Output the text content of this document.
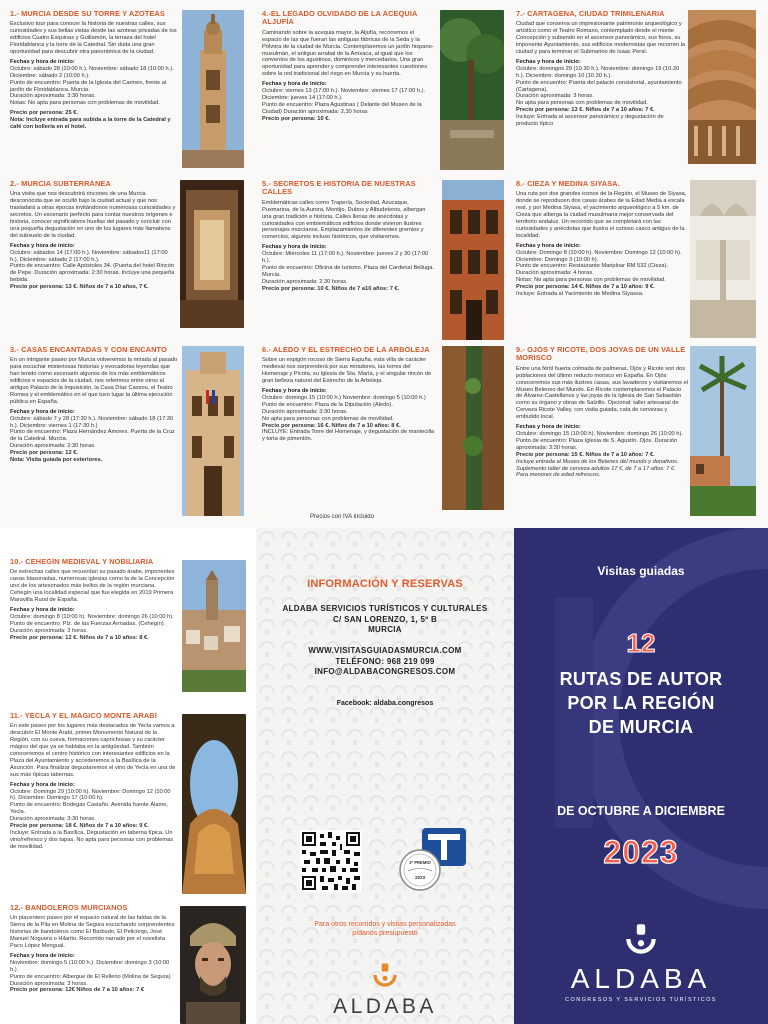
1.- MURCIA DESDE SU TORRE Y AZOTEAS

Exclusivo tour para conocer la historia de nuestras calles, sus curiosidades y sus bellas vistas desde las azoteas privadas de los edificios Cuatro Esquinas y Guillamón, la terraza del hotel Floridablanca y la torre de la Catedral. Sin duda una gran oportunidad para descubrir otra panorámica de la ciudad.

Fechas y hora de inicio:

Octubre: sábado 28 (10:00 h.). Noviembre: sábado 18 (10:00 h.). Diciembre: sábado 2 (10:00 h.).

Punto de encuentro: Puerta de la Iglesia del Carmen, frente al jardín de Floridablanca. Murcia.

Duración aproximada: 3:30 horas.

Notas: No apta para personas con problemas de movilidad.

Precio por persona: 25 €.

Nota: Incluye entrada para subida a la torre de la Catedral y café con bollería en el hotel.

2.- MURCIA SUBTERRÁNEA

Una visita que nos descubrirá rincones de una Murcia desconocida que se ocultó bajo la ciudad actual y que nos trasladará a otras épocas invitándonos numerosas curiosidades y secretos. Un escenario perfecto para contar nuestros orígenes e historia, conocer significativos huellas del pasado y concluir con una pequeña degustación en uno de los lugares más llamativos del subsuelo de la ciudad.

Fechas y hora de inicio:

Octubre: sábados 14 (17:00 h.). Noviembre: sábados11 (17:00 h.). Diciembre: sábado 2 (17:00 h.).

Punto de encuentro: Calle Apóstoles 34. (Puerta del hotel Rincón de Pepe. Duración aproximada: 2:30 horas. Incluye una pequeña bebida.

Precio por persona: 13 €. Niños de 7 a 10 años, 7 €.

3.- CASAS ENCANTADAS Y CON ENCANTO

En un intrigante paseo por Murcia volveremos la mirada al pasado para escuchar misteriosas historias y evocadoras leyendas que han tenido como escenario algunos de los más emblemáticos edificios o espacios de la ciudad, nos referimos entre otros al antiguo Palacio de la Inquisición, la Casa Díaz Cassou, el Teatro Romea y el emblemático en el que tuvo lugar la última ejecución pública en España.

Fechas y hora de inicio:

Octubre: sábado 7 y 28 (17:30 h.). Noviembre: sábado 18 (17:30 h.). Diciembre: viernes 1 (17:30 h.)

Punto de encuentro: Plaza Hernández Amores. Puerta de la Cruz de la Catedral. Murcia.

Duración aproximada: 2:30 horas.

Precio por persona: 12 €.

Nota: Visita guiada por exteriores.

4.-EL LEGADO OLVIDADO DE LA ACEQUIA ALJUFÍA

Caminando sobre la acequia mayor, la Aljufía, recorremos el espacio de las que fueran las antiguas fábricas de la Seda y la Pólvora de la ciudad de Murcia. Contemplaremos un jardín hispano-musulmán, el antiguo arrabal de la Arrixaca, al igual que los conventos de los agustinos, dominicos y mercedarios. Una gran oportunidad para aprender y comprender interesantes cuestiones sobre la red tradicional del riego en Murcia y su huerta.

Fechas y hora de inicio:

Octubre: viernes 13 (17:00 h.). Noviembre: viernes 17 (17:00 h.). Diciembre: jueves 14 (17:00 h.).

Punto de encuentro: Plaza Agustinas ( Delante del Museo de la Ciudad) Duración aproximada: 2,30 horas

Precio por persona: 10 €.

5.- SECRETOS E HISTORIA DE NUESTRAS CALLES

Emblemáticas calles como Trapería, Sociedad, Azucaque, Puxmarina, de la Aurora, Montijo, Dubos y Albudeteros, albergan una gran tradición e historia. Calles llenas de anécdotas y curiosidades con emblemáticos edificios donde vivieron ilustres personajes murcianos. Emplazamientos de diferentes gremios y comercios, algunos incluso históricos, que visitaremos.

Fechas y hora de inicio:

Octubre: Miércoles 11 (17:00 h.). Noviembre: jueves 2 y 30 (17:00 h.).

Punto de encuentro: Oficina de turismo. Plaza del Cardenal Belluga. Murcia.

Duración aproximada: 2.30 horas.

Precio por persona: 10 €. Niños de 7 a10 años: 7 €.

6.- ALEDO Y EL ESTRECHO DE LA ARBOLEJA

Sobre un espigón rocoso de Sierra Espuña, esta villa de carácter medieval nos sorprenderá por sus miradores, las torres del Homenaje y Picota, su Iglesia de Sta. María, y el singular rincón de gran belleza natural del Estrecho de la Arboleja.

Fechas y hora de inicio:

Octubre: domingo 15 (10:00 h.) Noviembre: domingo 5 (10:00 h.)

Punto de encuentro: Plaza de la Diputación (Aledo).

Duración aproximada: 3:30 horas.

No apta para personas con problemas de movilidad.

Precio por persona: 16 €. Niños de 7 a 10 años: 8 €.

INCLUYE: Entrada Torre del Homenaje, y degustación de mantecilla y torta de pimentón.

7.- CARTAGENA, CIUDAD TRIMILENARIA

Ciudad que conserva un impresionante patrimonio arqueológico y artístico como el Teatro Romano, contemplado desde el monte Concepción y subiendo en el ascensor panorámico, sus foros, su imponente Ayuntamiento, sus edificios modernistas que recorren la ciudad y para terminar el Submarino de Isaac Peral.

Fechas y hora de inicio:

Octubre: domingos 29 (10.30 h.). Noviembre: domingo 19 (10.30 h.). Diciembre: domingo 10 (10.30 h.).

Punto de encuentro: Puerta del palacio consistorial, ayuntamiento (Cartagena).

Duración aproximada: 3 horas.

No apta para personas con problemas de movilidad.

Precio por persona: 13 €. Niños de 7 a 10 años: 7 €.

Incluye: Entrada al ascensor panorámico y degustación de producto típico

8.- CIEZA Y MEDINA SIYASA.

Una ruta por dos grandes iconos de la Región, el Museo de Siyasa, donde se reproducen dos casas árabes de la Edad Media a escala real, y por Medina Siyasa, el yacimiento arqueológico a 5 km. de Cieza que alberga la ciudad musulmana mejor conservada del territorio andaluz. Un recorrido que se completará con las curiosidades y anécdotas que ilustra el curioso casco antiguo de la localidad.

Fechas y hora de inicio:

Octubre: Domingo 8 (10:00 h). Noviembre: Domingo 12 (10:00 h). Diciembre: Domingo 3 (10:00 h).

Punto de encuentro: Restaurante Mariplnar RM 532 (Cieza).

Duración aproximada: 4 horas.

Notas: No apta para personas con problemas de movilidad.

Precio por persona: 14 €. Niños de 7 a 10 años: 9 €.

Incluye: Entrada al Yacimiento de Medina Siyassa.

9.- OJÓS Y RICOTE, DOS JOYAS DE UN VALLE MORISCO

Entre una fértil huerta colmada de palmeras, Ojós y Ricote son dos poblaciones del último reducto morisco en España. En Ojós conoceremos sus más ilustres casas, sus lavaderos y visitaremos el Museo Beleneo del Mundo. En Ricote contemplaremos el Palacio de Álvarez-Castellanos y las joyas de la Iglesia de San Sebastián como su órgano y obras de Salzillo. Opcional: taller artesanal de Cerveza Ricote Valley, con visita guiada, cata de cervezas y embutido local.

Fechas y hora de inicio:

Octubre: domingo 15 (10:00 h). Noviembre: domingo 26 (10:00 h). Punto de encuentro: Plaza Iglesia de S. Agustín. Ojós. Duración aproximada: 3:30 horas.

Precio por persona: 15 €. Niños de 7 a 10 años: 7 €.

Incluye entrada al Museo de los Belenes del mundo y donativos. Suplemento taller de cerveza adultos 17 €, de 7 a 17 años: 7 €. Para menores de edad refrescos.

Precios con IVA incluido
10.- CEHEGÍN MEDIEVAL Y NOBILIARIA

De estrechas calles que recuerdan su pasado árabe, imponentes casas blasonadas, numerosas iglesias como la de la Concepción uno de los artesonados más bellos de la región murciana. Cehegín una localidad especial que fue elegida en 2019 Primera Maravilla Rural de España.

Fechas y hora de inicio:

Octubre: domingo 8 (10:00 h). Noviembre: domingo 26 (10:00 h).

Punto de encuentro: Plz. de las Fuerzas Armadas. (Cehegín).

Duración aproximada: 3 horas.

Precio por persona: 12 €. Niños de 7 a 10 años: 8 €.

11.- YECLA Y EL MÁGICO MONTE ARABÍ

En este paseo por los lugares más destacados de Yecla vamos a descubrir El Monte Arabí, primer Monumento Natural de la Región, con su cueva, formaciones caprichosas y su carácter mágico del que ya se hablaba en la antigüedad. También conoceremos el centro histórico con interesantes edificios en la Plaza del Ayuntamiento y accederemos a la Basílica de la Asunción. Para finalizar degustaremos el vino de Yecla en una de sus más típicas tabernas.

Fechas y hora de inicio:

Octubre: Domingo 29 (10:00 h). Noviembre: Domingo 12 (10:00 h). Diciembre: Domingo 17 (10:00 h).

Punto de encuentro: Bodegas Castaño. Avenida fuente Álamo, Yecla.

Duración aproximada: 3:30 horas.

Precio por persona: 18 €. Niños de 7 a 10 años: 9 €.

Incluye: Entrada a la Basílica. Degustación en taberna típica. Un vino/refresco y dos tapas. No apta para personas con problemas de movilidad.

12.- BANDOLEROS MURCIANOS

Un placentero paseo por el espacio natural de las faldas de la Sierra de la Pila en Molina de Segura escuchando sorprendentes historias de bandoleros como El Barbudo, El Pelicieqo, José Manuel Noguera o Hilarito. Recorrido narrado por el novelista Paco López Mengual.

Fechas y hora de inicio:

Noviembre: domingo 5 (10:00 h.). Diciembre: domingo 3 (10:00 h.).

Punto de encuentro: Albergue de El Relleno (Molina de Segura)

Duración aproximada: 3 horas.

Precio por persona: 12€ Niños de 7 a 10 años: 7 €

INFORMACIÓN Y RESERVAS
ALDABA SERVICIOS TURÍSTICOS Y CULTURALES
C/ SAN LORENZO, 1, 5º B
MURCIA
WWW.VISITASGUIADASMURCIA.COM
TELÉFONO: 968 219 099
INFO@ALDABACONGRESOS.COM
Facebook: aldaba.congresos
Para otros recorridos y visitas personalizadas
pídanos presupuesto
2º PREMIO
2023
ALDABA
Visitas guiadas
12
RUTAS DE AUTOR
POR LA REGIÓN
DE MURCIA
DE OCTUBRE A DICIEMBRE
2023
ALDABA
CONGRESOS Y SERVICIOS TURÍSTICOS
